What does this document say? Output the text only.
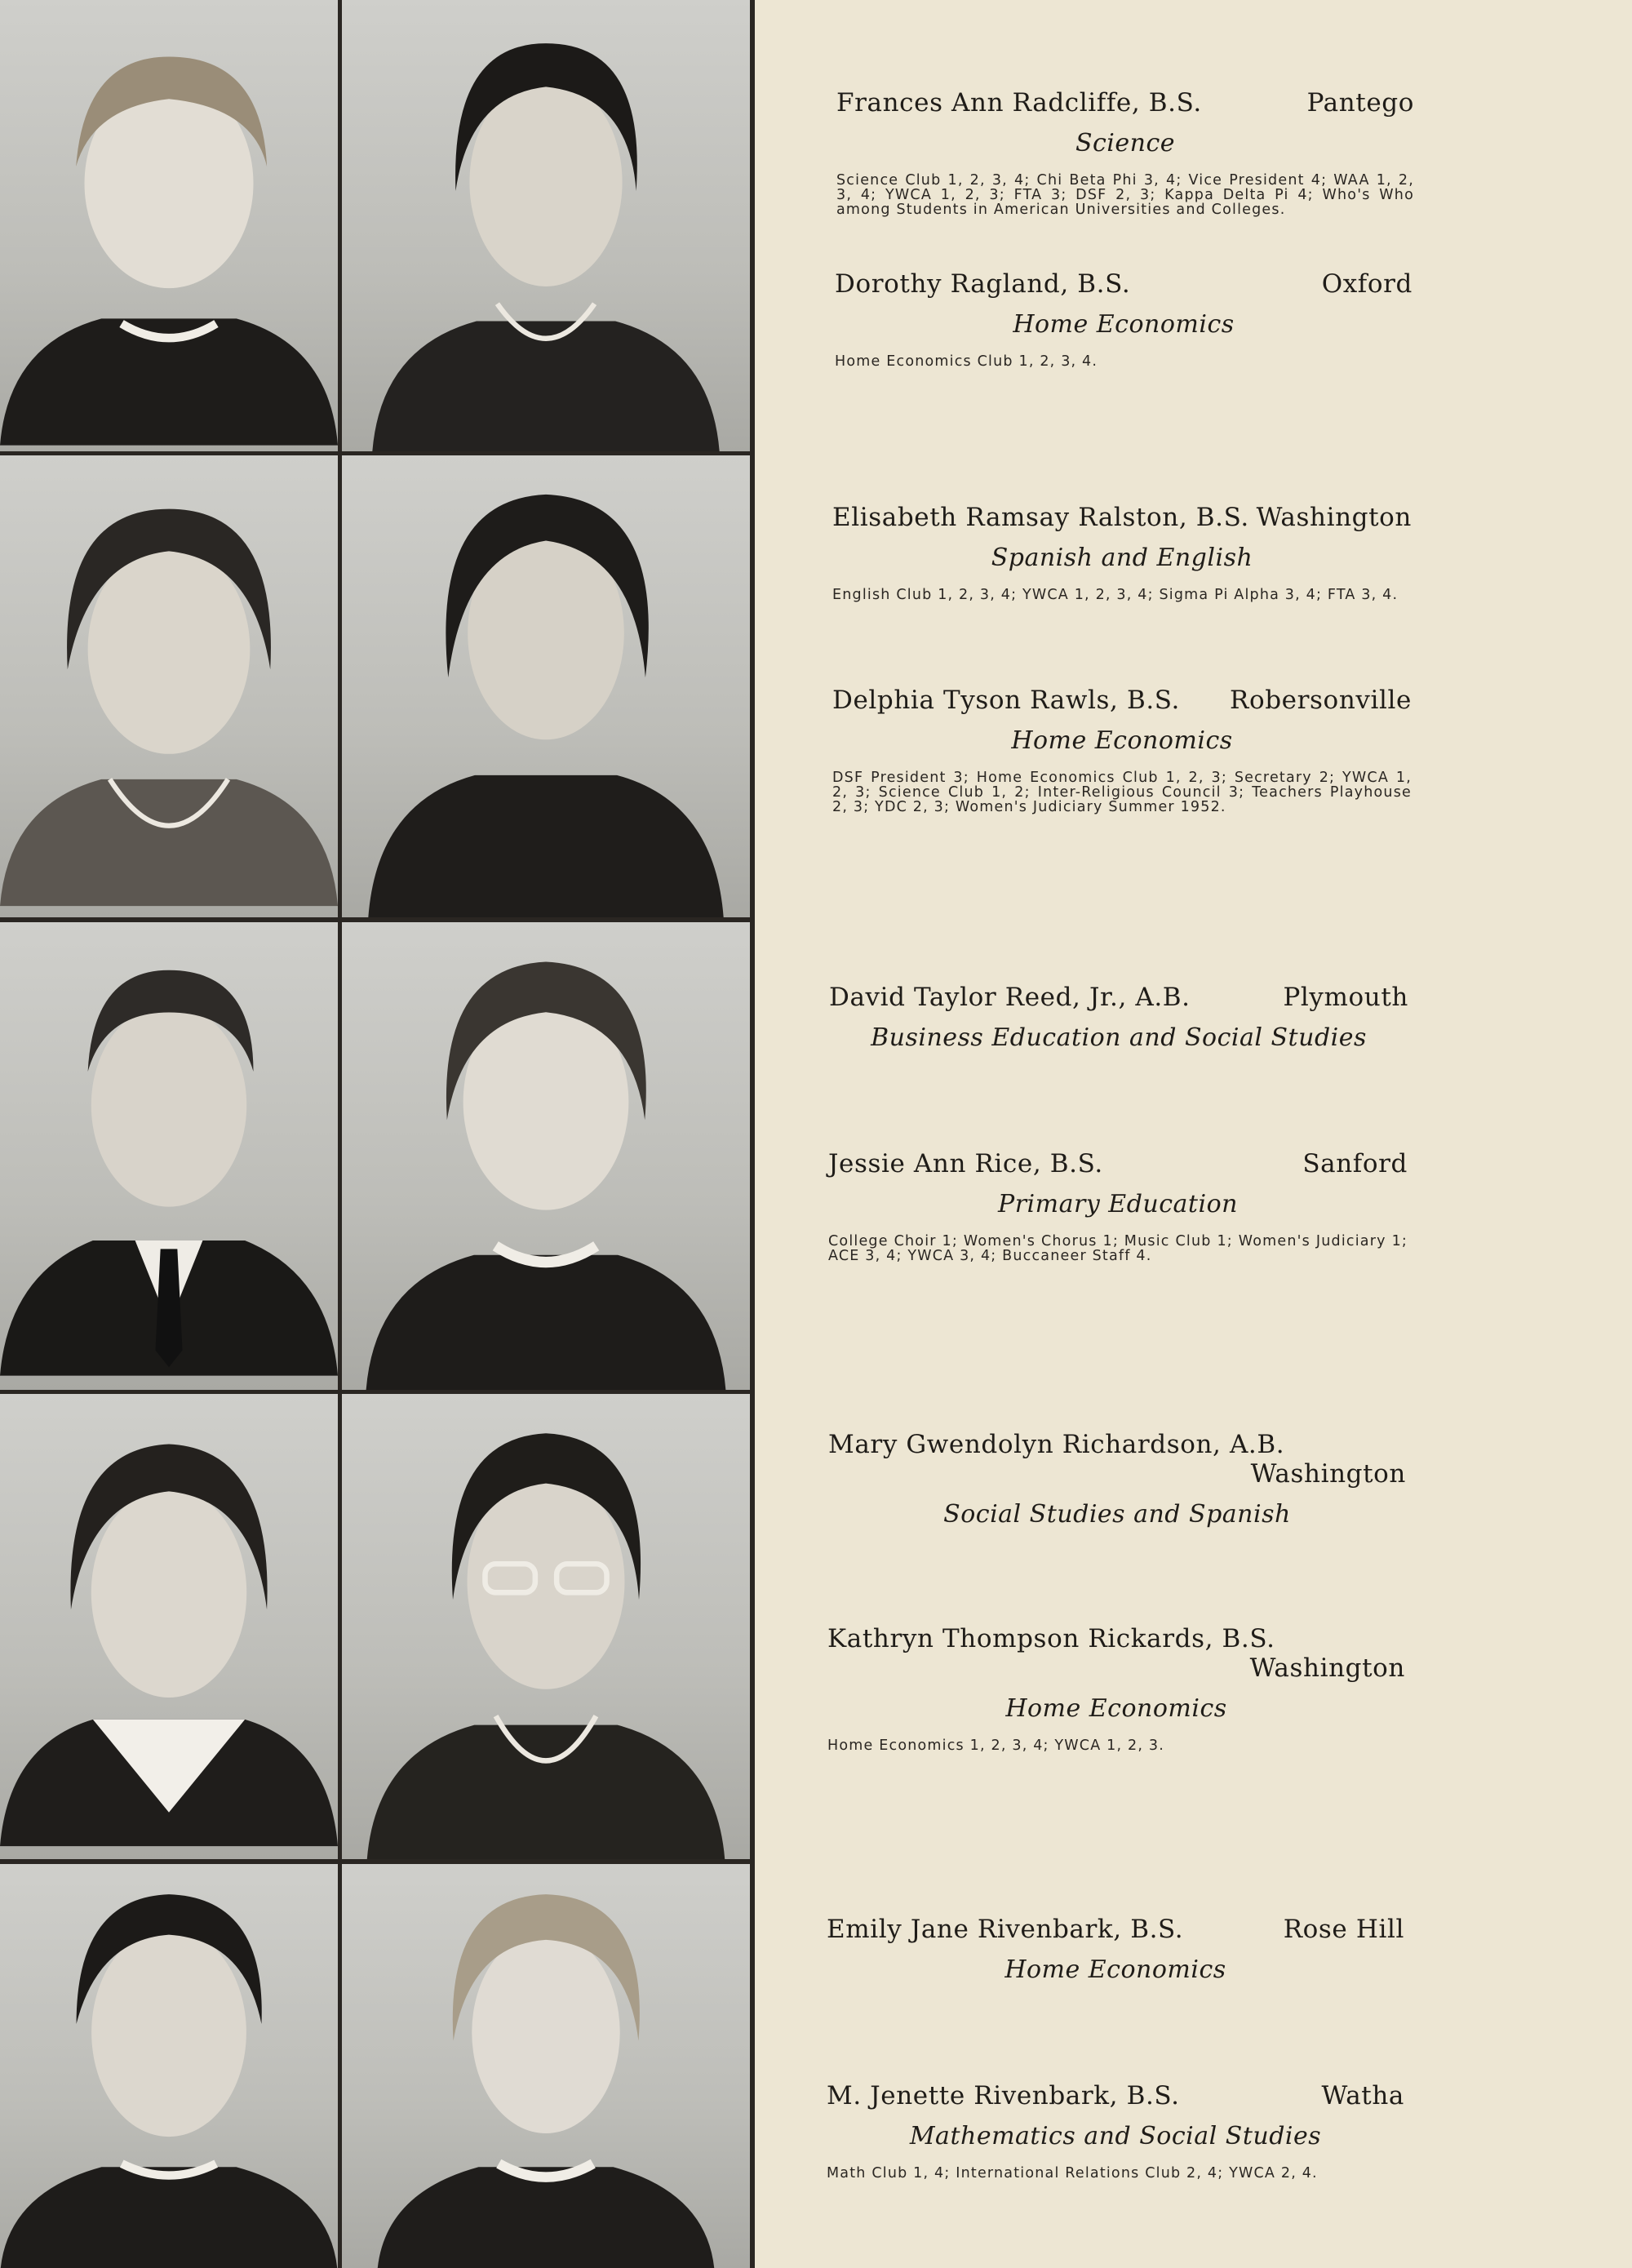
Frances Ann Radcliffe, B.S.	Pantego
Science
Science Club 1, 2, 3, 4; Chi Beta Phi 3, 4; Vice President 4; WAA 1, 2, 3, 4; YWCA 1, 2, 3; FTA 3; DSF 2, 3; Kappa Delta Pi 4; Who's Who among Students in American Universities and Colleges.
Dorothy Ragland, B.S.	Oxford
Home Economics
Home Economics Club 1, 2, 3, 4.
Elisabeth Ramsay Ralston, B.S. Washington
Spanish and English
English Club 1, 2, 3, 4; YWCA 1, 2, 3, 4; Sigma Pi Alpha 3, 4; FTA 3, 4.
Delphia Tyson Rawls, B.S. Robersonville
Home Economics
DSF President 3; Home Economics Club 1, 2, 3; Secretary 2; YWCA 1, 2, 3; Science Club 1, 2; Inter-Religious Council 3; Teachers Playhouse 2, 3; YDC 2, 3; Women's Judiciary Summer 1952.
David Taylor Reed, Jr., A.B.	Plymouth
Business Education and Social Studies
Jessie Ann Rice, B.S.	Sanford
Primary Education
College Choir 1; Women's Chorus 1; Music Club 1; Women's Judiciary 1; ACE 3, 4; YWCA 3, 4; Buccaneer Staff 4.
Mary Gwendolyn Richardson, A.B.
Washington
Social Studies and Spanish
Kathryn Thompson Rickards, B.S.
Washington
Home Economics
Home Economics 1, 2, 3, 4; YWCA 1, 2, 3.
Emily Jane Rivenbark, B.S.	Rose Hill
Home Economics
M. Jenette Rivenbark, B.S.	Watha
Mathematics and Social Studies
Math Club 1, 4; International Relations Club 2, 4; YWCA 2, 4.
